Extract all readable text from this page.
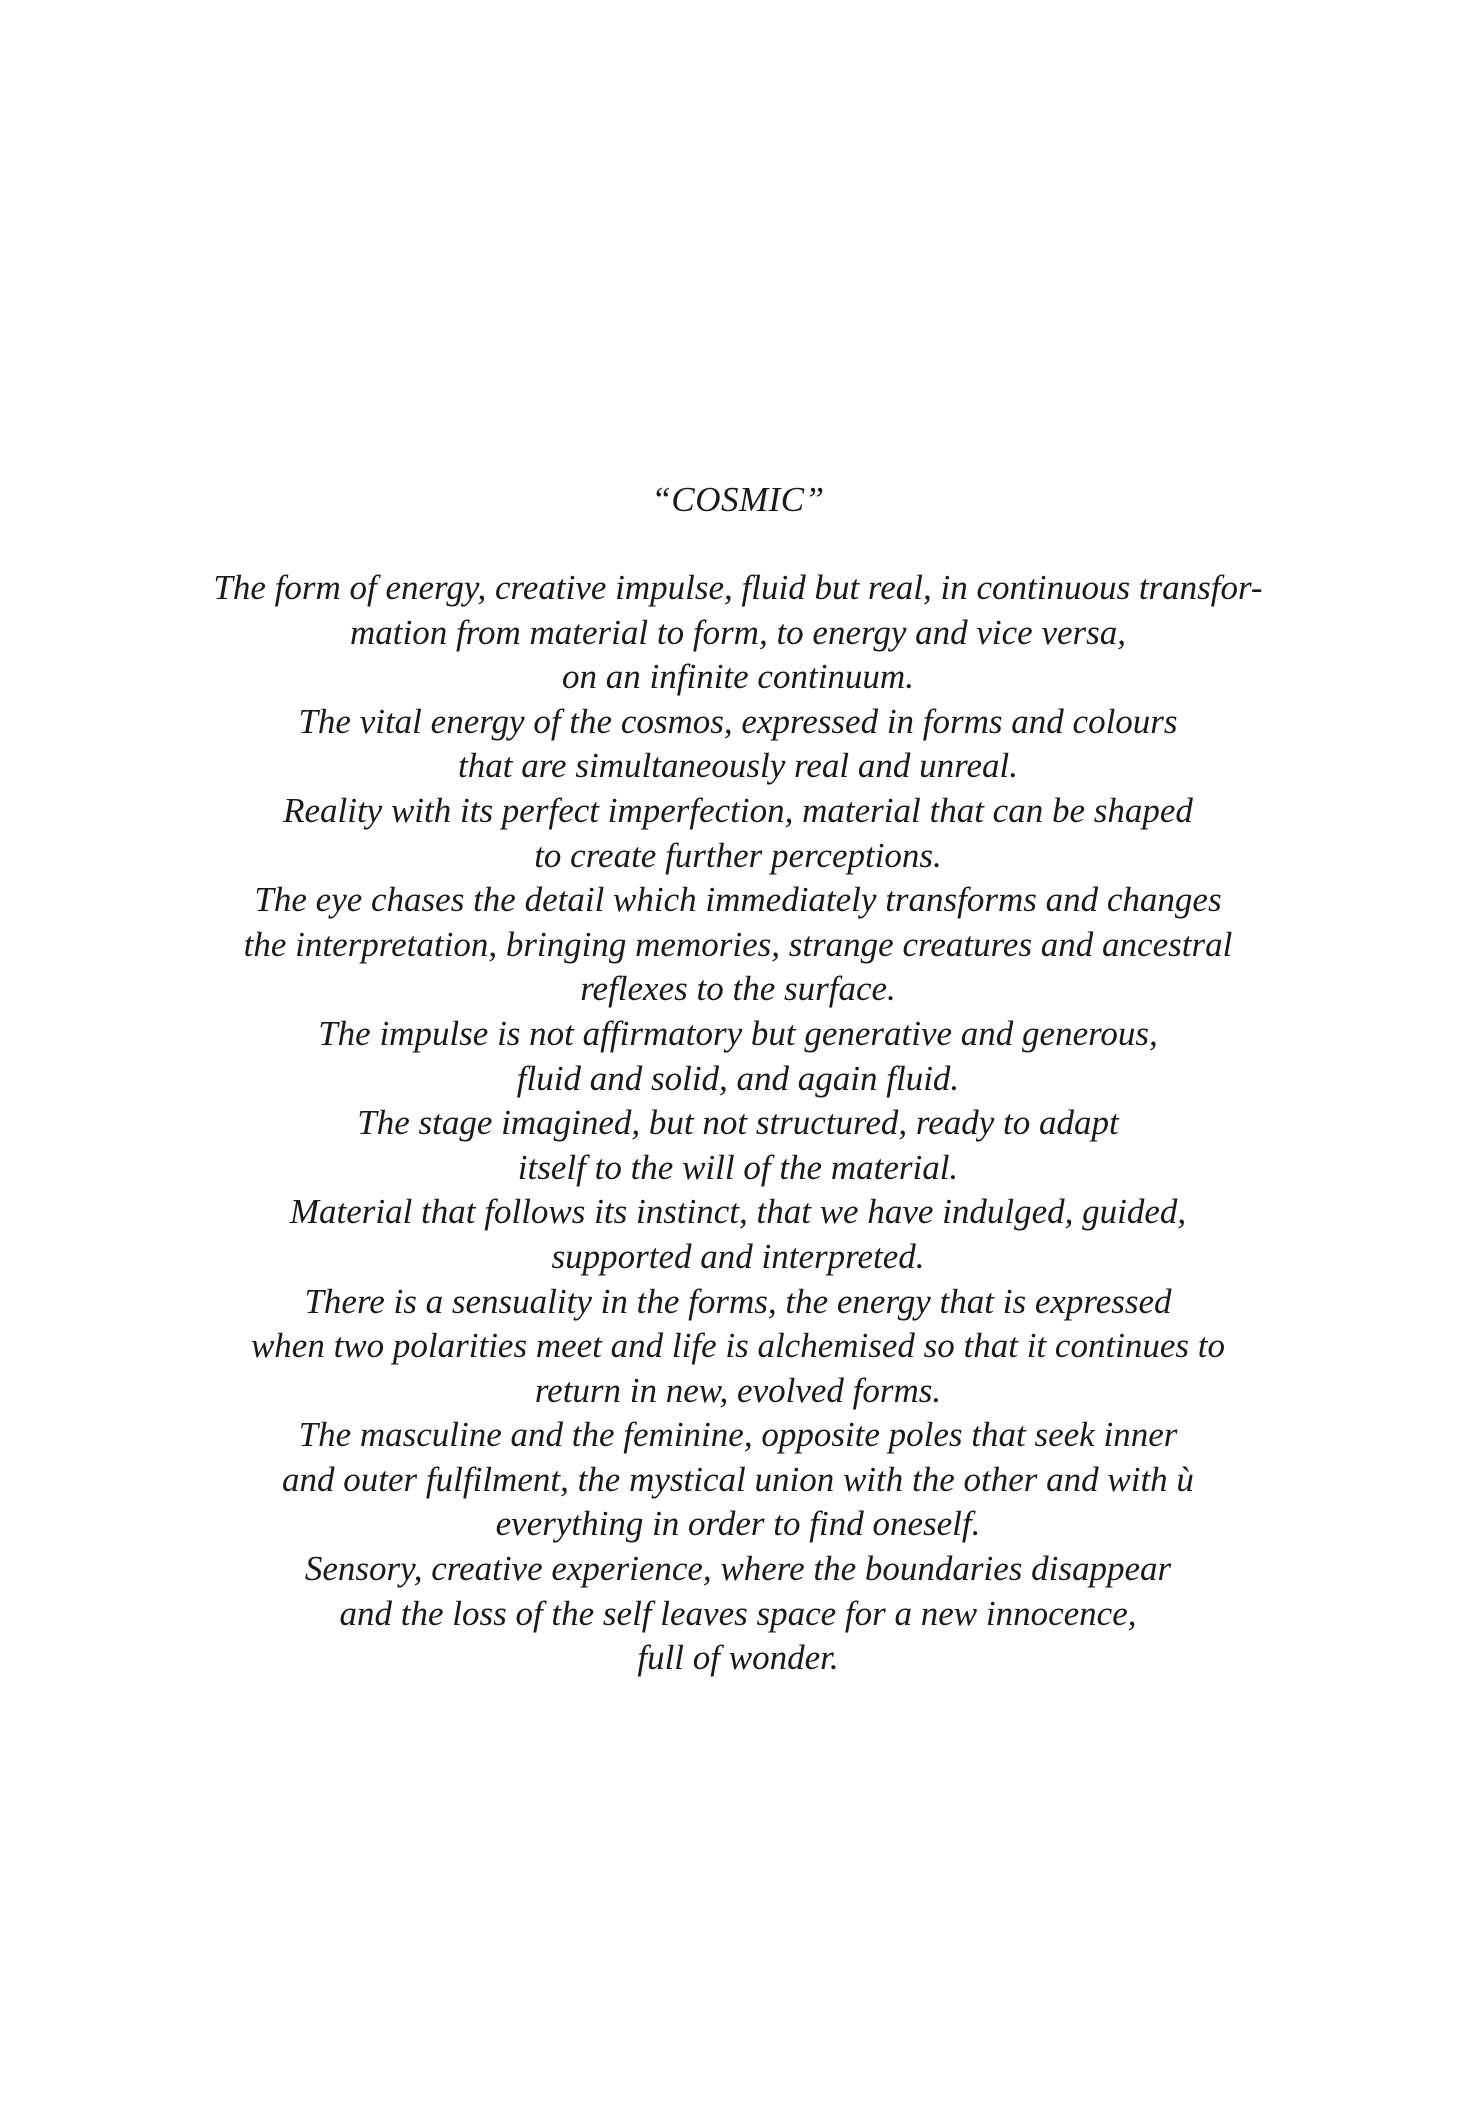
“COSMIC”
The form of energy, creative impulse, fluid but real, in continuous transfor-
mation from material to form, to energy and vice versa,
on an infinite continuum.
The vital energy of the cosmos, expressed in forms and colours
that are simultaneously real and unreal.
Reality with its perfect imperfection, material that can be shaped
to create further perceptions.
The eye chases the detail which immediately transforms and changes
the interpretation, bringing memories, strange creatures and ancestral
reflexes to the surface.
The impulse is not affirmatory but generative and generous,
fluid and solid, and again fluid.
The stage imagined, but not structured, ready to adapt
itself to the will of the material.
Material that follows its instinct, that we have indulged, guided,
supported and interpreted.
There is a sensuality in the forms, the energy that is expressed
when two polarities meet and life is alchemised so that it continues to
return in new, evolved forms.
The masculine and the feminine, opposite poles that seek inner
and outer fulfilment, the mystical union with the other and with ù
everything in order to find oneself.
Sensory, creative experience, where the boundaries disappear
and the loss of the self leaves space for a new innocence,
full of wonder.
